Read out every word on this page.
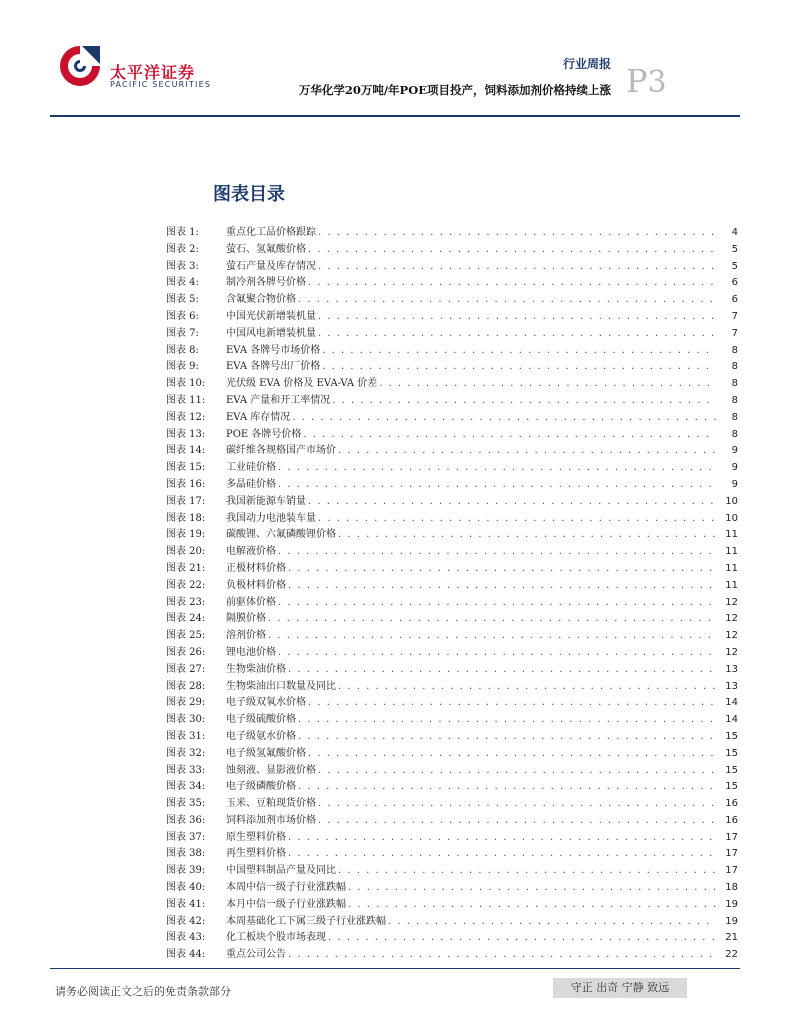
太平洋证券
PACIFIC SECURITIES
行业周报
万华化学20万吨/年POE项目投产，饲料添加剂价格持续上涨 P3
图表目录
图表 1:	重点化工品价格跟踪 . . .	4
图表 2:	萤石、氢氟酸价格 . . .	5
图表 3:	萤石产量及库存情况 . . .	5
图表 4:	制冷剂各牌号价格 . . .	6
图表 5:	含氟聚合物价格 . . .	6
图表 6:	中国光伏新增装机量 . . .	7
图表 7:	中国风电新增装机量 . . .	7
图表 8:	EVA 各牌号市场价格 . . .	8
图表 9:	EVA 各牌号出厂价格 . . .	8
图表 10:	光伏级 EVA 价格及 EVA-VA 价差 . . .	8
图表 11:	EVA 产量和开工率情况 . . .	8
图表 12:	EVA 库存情况 . . .	8
图表 13:	POE 各牌号价格 . . .	8
图表 14:	碳纤维各规格国产市场价 . . .	9
图表 15:	工业硅价格 . . .	9
图表 16:	多晶硅价格 . . .	9
图表 17:	我国新能源车销量 . . .	10
图表 18:	我国动力电池装车量 . . .	10
图表 19:	碳酸锂、六氟磷酸锂价格 . . .	11
图表 20:	电解液价格 . . .	11
图表 21:	正极材料价格 . . .	11
图表 22:	负极材料价格 . . .	11
图表 23:	前驱体价格 . . .	12
图表 24:	隔膜价格 . . .	12
图表 25:	溶剂价格 . . .	12
图表 26:	锂电池价格 . . .	12
图表 27:	生物柴油价格 . . .	13
图表 28:	生物柴油出口数量及同比 . . .	13
图表 29:	电子级双氧水价格 . . .	14
图表 30:	电子级硫酸价格 . . .	14
图表 31:	电子级氨水价格 . . .	15
图表 32:	电子级氢氟酸价格 . . .	15
图表 33:	蚀刻液、显影液价格 . . .	15
图表 34:	电子级磷酸价格 . . .	15
图表 35:	玉米、豆粕现货价格 . . .	16
图表 36:	饲料添加剂市场价格 . . .	16
图表 37:	原生塑料价格 . . .	17
图表 38:	再生塑料价格 . . .	17
图表 39:	中国塑料制品产量及同比 . . .	17
图表 40:	本周中信一级子行业涨跌幅 . . .	18
图表 41:	本月中信一级子行业涨跌幅 . . .	19
图表 42:	本周基础化工下属三级子行业涨跌幅 . . .	19
图表 43:	化工板块个股市场表现 . . .	21
图表 44:	重点公司公告 . . .	22
请务必阅读正文之后的免责条款部分	守正 出奇 宁静 致远
